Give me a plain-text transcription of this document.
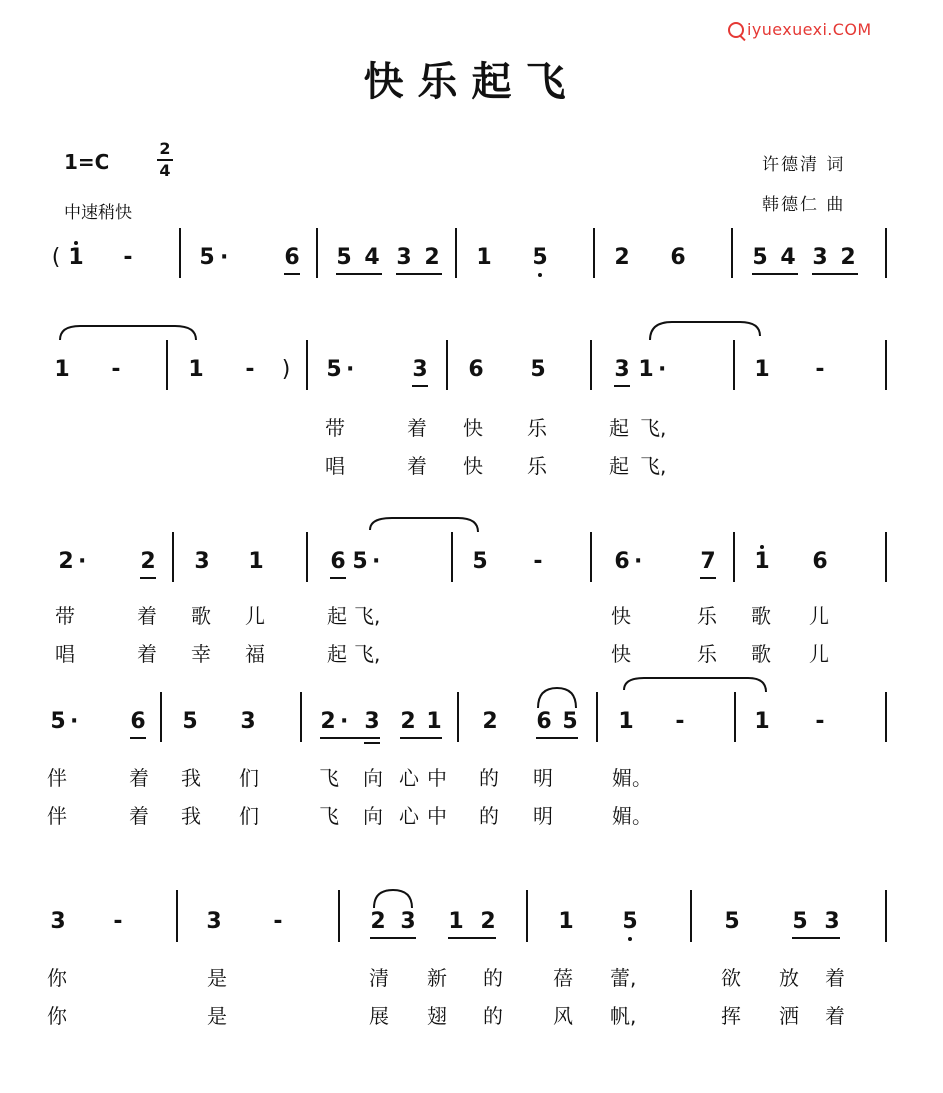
iyuexuexi.COM
快乐起飞
1=C
2
4
中速稍快
许德清 词
韩德仁 曲
( 1 -	5 ·	6 5 4 3 2 1 5	2 6	5 4 3 2
1 -	1 - ) 5 ·	3 6 5	3 1 ·	1 -
带	着 快 乐	起 飞,
唱	着 快 乐	起 飞,
2 · 2 3 1	6 5 ·	5 -	6 ·	7 1 6
带	着 歌 儿	起 飞,	快	乐 歌 儿
唱	着 幸 福	起 飞,	快	乐 歌 儿
5 · 6 5 3	2 · 3 2 1 2 6 5 1 -	1 -
伴	着 我 们	飞 向 心 中 的 明	媚。
伴	着 我 们	飞 向 心 中 的 明	媚。
3 -	3 -	2 3 1 2	1 5	5 5 3
你	是	清 新 的	蓓 蕾,	欲 放 着
你	是	展 翅 的	风 帆,	挥 洒 着
